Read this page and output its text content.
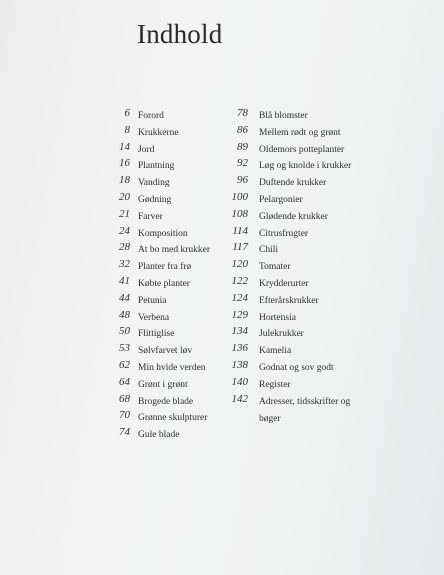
Indhold
6 Forord
8 Krukkerne
14 Jord
16 Plantning
18 Vanding
20 Gødning
21 Farver
24 Komposition
28 At bo med krukker
32 Planter fra frø
41 Købte planter
44 Petunia
48 Verbena
50 Flittiglise
53 Sølvfarvet løv
62 Min hvide verden
64 Grønt i grønt
68 Brogede blade
70 Grønne skulpturer
74 Gule blade
78 Blå blomster
86 Mellem rødt og grønt
89 Oldemors potteplanter
92 Løg og knolde i krukker
96 Duftende krukker
100 Pelargonier
108 Glødende krukker
114 Citrusfrugter
117 Chili
120 Tomater
122 Krydderurter
124 Efterårskrukker
129 Hortensia
134 Julekrukker
136 Kamelia
138 Godnat og sov godt
140 Register
142 Adresser, tidsskrifter og bøger
